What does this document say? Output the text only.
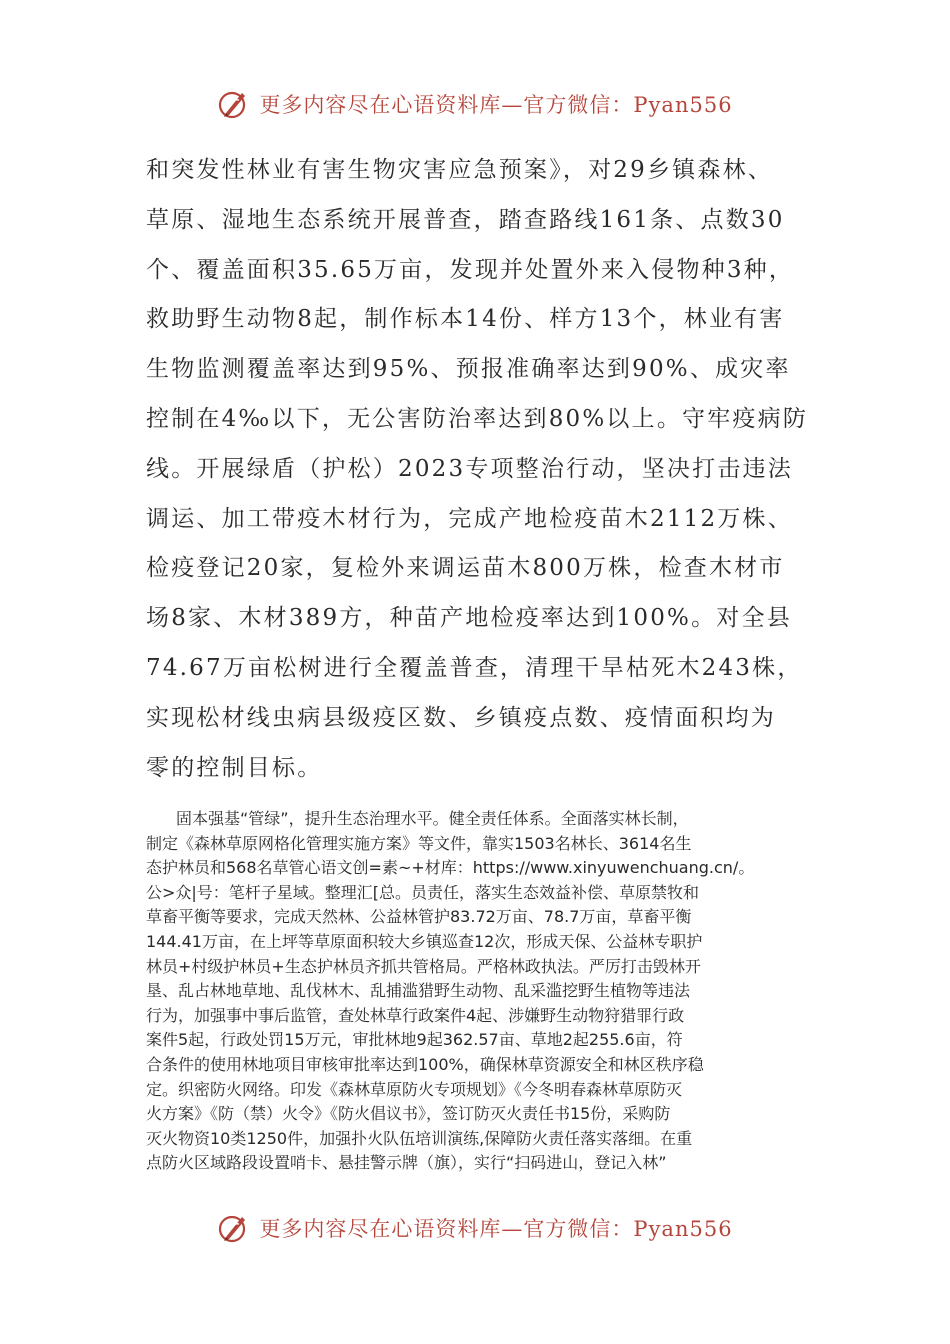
更多内容尽在心语资料库—官方微信：Pyan556
和突发性林业有害生物灾害应急预案》，对29乡镇森林、
草原、湿地生态系统开展普查，踏查路线161条、点数30
个、覆盖面积35.65万亩，发现并处置外来入侵物种3种，
救助野生动物8起，制作标本14份、样方13个，林业有害
生物监测覆盖率达到95%、预报准确率达到90%、成灾率
控制在4‰以下，无公害防治率达到80%以上。守牢疫病防
线。开展绿盾（护松）2023专项整治行动，坚决打击违法
调运、加工带疫木材行为，完成产地检疫苗木2112万株、
检疫登记20家，复检外来调运苗木800万株，检查木材市
场8家、木材389方，种苗产地检疫率达到100%。对全县
74.67万亩松树进行全覆盖普查，清理干旱枯死木243株，
实现松材线虫病县级疫区数、乡镇疫点数、疫情面积均为
零的控制目标。
固本强基“管绿”，提升生态治理水平。健全责任体系。全面落实林长制，
制定《森林草原网格化管理实施方案》等文件，靠实1503名林长、3614名生
态护林员和568名草管心语文创=素~+材库：https://www.xinyuwenchuang.cn/。
公>众|号：笔杆子星域。整理汇[总。员责任，落实生态效益补偿、草原禁牧和
草畜平衡等要求，完成天然林、公益林管护83.72万亩、78.7万亩，草畜平衡
144.41万亩，在上坪等草原面积较大乡镇巡查12次，形成天保、公益林专职护
林员+村级护林员+生态护林员齐抓共管格局。严格林政执法。严厉打击毁林开
垦、乱占林地草地、乱伐林木、乱捕滥猎野生动物、乱采滥挖野生植物等违法
行为，加强事中事后监管，查处林草行政案件4起、涉嫌野生动物狩猎罪行政
案件5起，行政处罚15万元，审批林地9起362.57亩、草地2起255.6亩，符
合条件的使用林地项目审核审批率达到100%，确保林草资源安全和林区秩序稳
定。织密防火网络。印发《森林草原防火专项规划》《今冬明春森林草原防灭
火方案》《防（禁）火令》《防火倡议书》，签订防灭火责任书15份，采购防
灭火物资10类1250件，加强扑火队伍培训演练,保障防火责任落实落细。在重
点防火区域路段设置哨卡、悬挂警示牌（旗），实行“扫码进山，登记入林”
更多内容尽在心语资料库—官方微信：Pyan556
